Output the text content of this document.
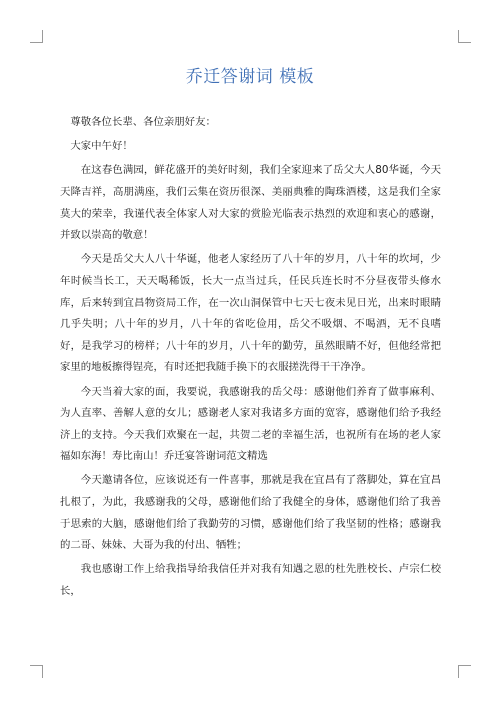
乔迁答谢词 模板

尊敬各位长辈、各位亲朋好友：

大家中午好！

在这春色满园，鲜花盛开的美好时刻，我们全家迎来了岳父大人80华诞，今天天降吉祥，高朋满座，我们云集在资历很深、美丽典雅的陶珠酒楼，这是我们全家莫大的荣幸，我谨代表全体家人对大家的赏脸光临表示热烈的欢迎和衷心的感谢，并致以崇高的敬意！

今天是岳父大人八十华诞，他老人家经历了八十年的岁月，八十年的坎坷，少年时候当长工，天天喝稀饭，长大一点当过兵，任民兵连长时不分昼夜带头修水库，后来转到宜昌物资局工作，在一次山洞保管中七天七夜未见日光，出来时眼睛几乎失明；八十年的岁月，八十年的省吃俭用，岳父不吸烟、不喝酒，无不良嗜好，是我学习的榜样；八十年的岁月，八十年的勤劳，虽然眼睛不好，但他经常把家里的地板擦得锃亮，有时还把我随手换下的衣服搓洗得干干净净。

今天当着大家的面，我要说，我感谢我的岳父母：感谢他们养育了做事麻利、为人直率、善解人意的女儿；感谢老人家对我诸多方面的宽容，感谢他们给予我经济上的支持。今天我们欢聚在一起，共贺二老的幸福生活，也祝所有在场的老人家福如东海！寿比南山！乔迁宴答谢词范文精选

今天邀请各位，应该说还有一件喜事，那就是我在宜昌有了落脚处，算在宜昌扎根了，为此，我感谢我的父母，感谢他们给了我健全的身体，感谢他们给了我善于思索的大脑，感谢他们给了我勤劳的习惯，感谢他们给了我坚韧的性格；感谢我的二哥、妹妹、大哥为我的付出、牺牲；

我也感谢工作上给我指导给我信任并对我有知遇之恩的杜先胜校长、卢宗仁校长，
